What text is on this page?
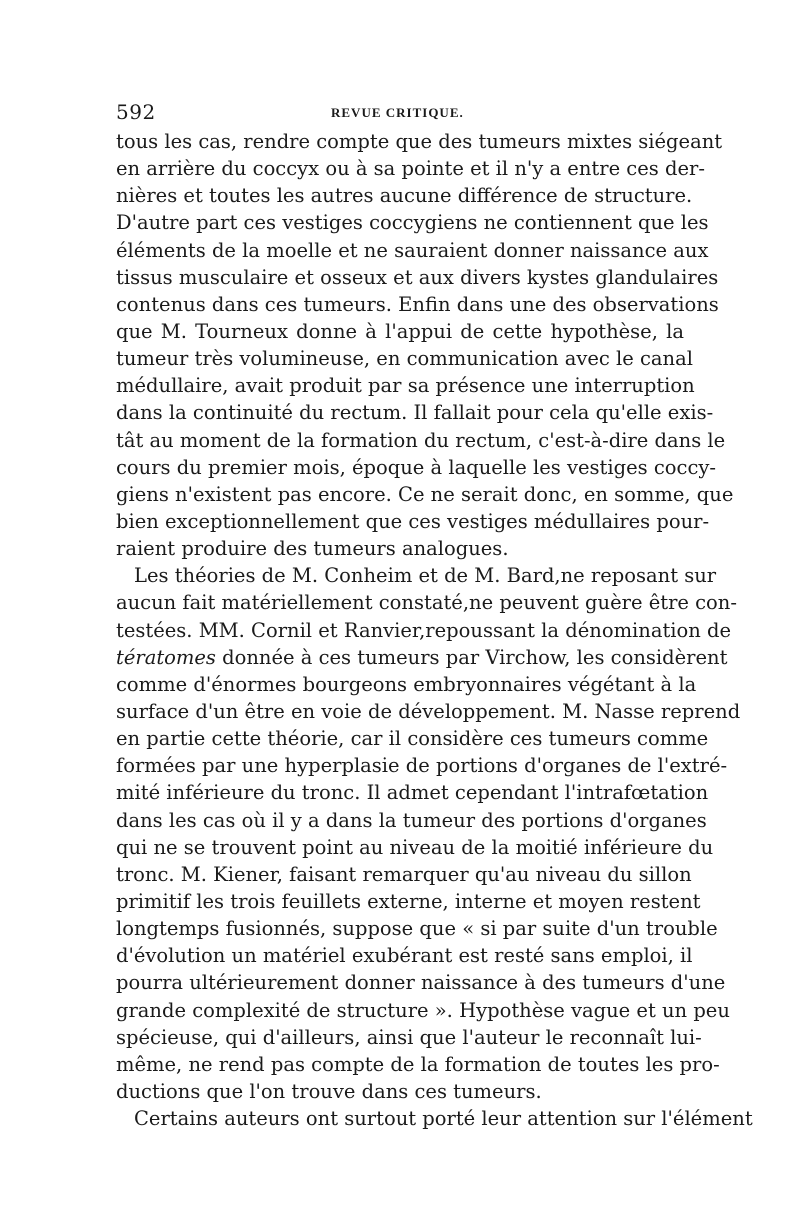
592	REVUE CRITIQUE.
tous les cas, rendre compte que des tumeurs mixtes siégeant
en arrière du coccyx ou à sa pointe et il n'y a entre ces der-
nières et toutes les autres aucune différence de structure.
D'autre part ces vestiges coccygiens ne contiennent que les
éléments de la moelle et ne sauraient donner naissance aux
tissus musculaire et osseux et aux divers kystes glandulaires
contenus dans ces tumeurs. Enfin dans une des observations
que M. Tourneux donne à l'appui de cette hypothèse, la
tumeur très volumineuse, en communication avec le canal
médullaire, avait produit par sa présence une interruption
dans la continuité du rectum. Il fallait pour cela qu'elle exis-
tât au moment de la formation du rectum, c'est-à-dire dans le
cours du premier mois, époque à laquelle les vestiges coccy-
giens n'existent pas encore. Ce ne serait donc, en somme, que
bien exceptionnellement que ces vestiges médullaires pour-
raient produire des tumeurs analogues.
Les théories de M. Conheim et de M. Bard,ne reposant sur
aucun fait matériellement constaté,ne peuvent guère être con-
testées. MM. Cornil et Ranvier,repoussant la dénomination de
tératomes donnée à ces tumeurs par Virchow, les considèrent
comme d'énormes bourgeons embryonnaires végétant à la
surface d'un être en voie de développement. M. Nasse reprend
en partie cette théorie, car il considère ces tumeurs comme
formées par une hyperplasie de portions d'organes de l'extré-
mité inférieure du tronc. Il admet cependant l'intrafœtation
dans les cas où il y a dans la tumeur des portions d'organes
qui ne se trouvent point au niveau de la moitié inférieure du
tronc. M. Kiener, faisant remarquer qu'au niveau du sillon
primitif les trois feuillets externe, interne et moyen restent
longtemps fusionnés, suppose que « si par suite d'un trouble
d'évolution un matériel exubérant est resté sans emploi, il
pourra ultérieurement donner naissance à des tumeurs d'une
grande complexité de structure ». Hypothèse vague et un peu
spécieuse, qui d'ailleurs, ainsi que l'auteur le reconnaît lui-
même, ne rend pas compte de la formation de toutes les pro-
ductions que l'on trouve dans ces tumeurs.
Certains auteurs ont surtout porté leur attention sur l'élément
